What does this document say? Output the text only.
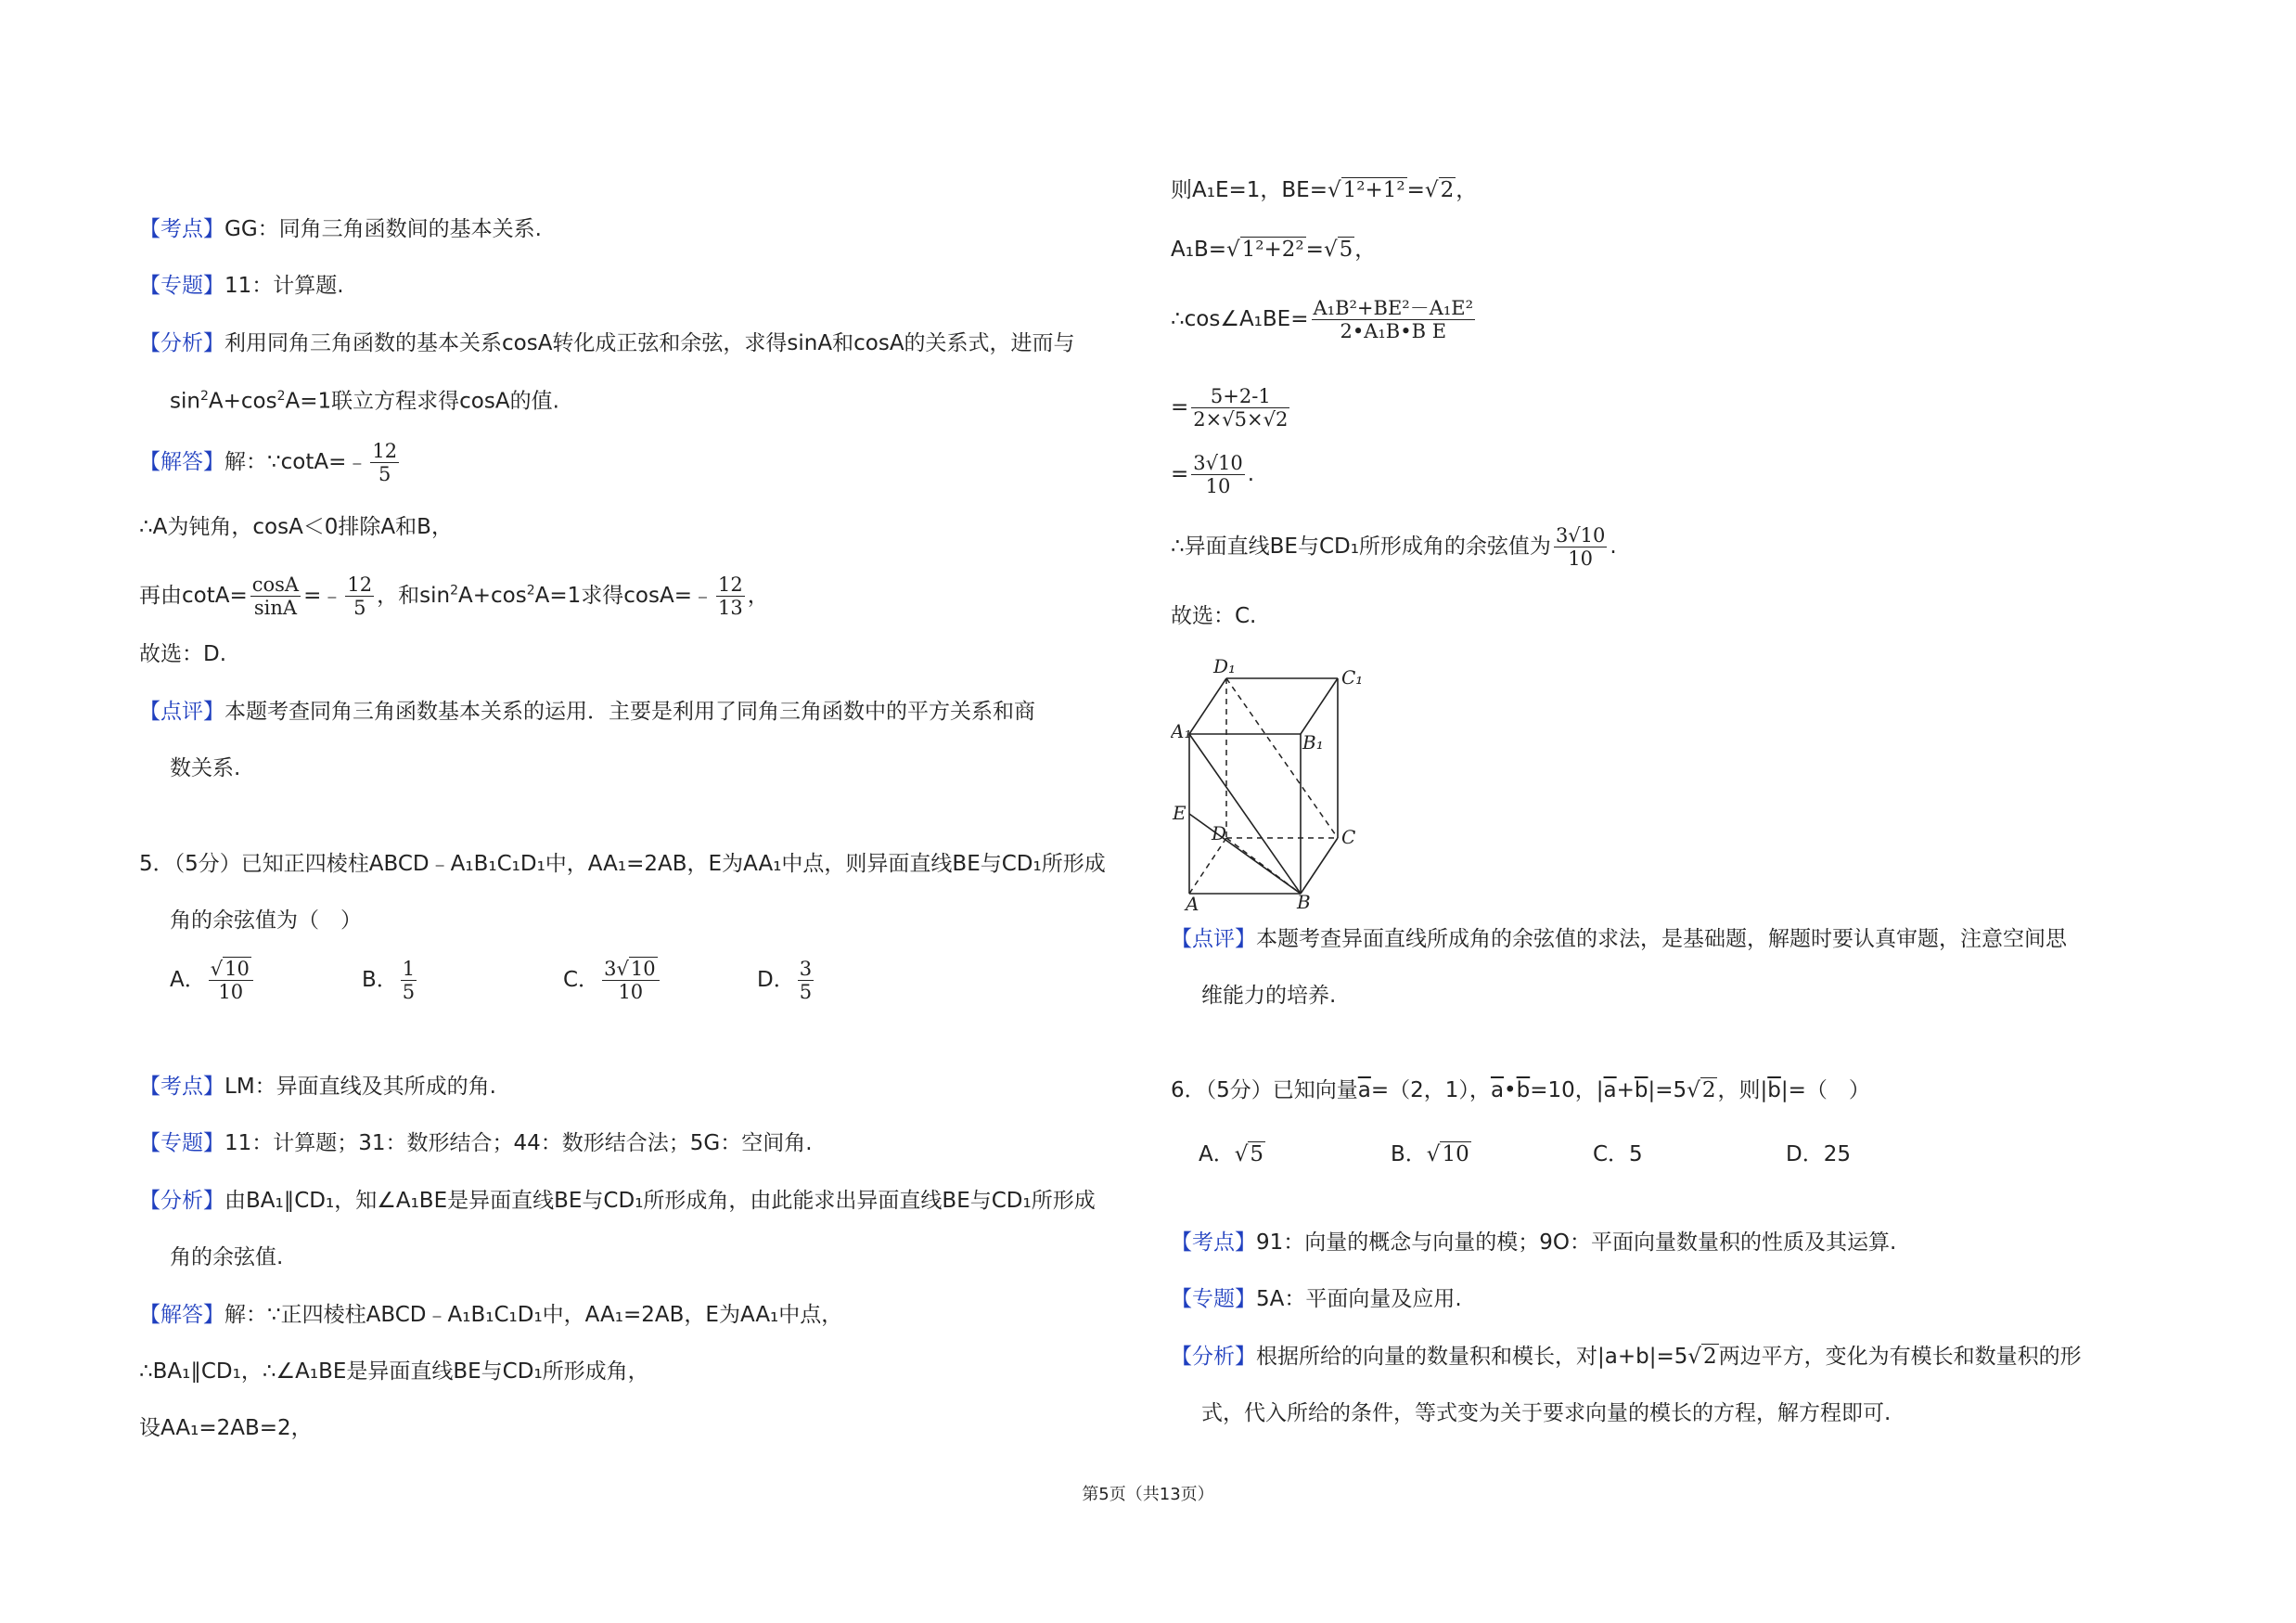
【考点】GG：同角三角函数间的基本关系.
【专题】11：计算题.
【分析】利用同角三角函数的基本关系cosA转化成正弦和余弦，求得sinA和cosA的关系式，进而与
$\sin^2A+\cos^2A=1$联立方程求得cosA的值.
【解答】解：∵cotA=﹣ $\frac{12}{5}$
∴A为钝角，cosA＜0排除A和B，
再由$\cot A= \frac{\cos A}{\sin A}$ =﹣ $\frac{12}{5}$ ，和$\sin^2A+\cos^2A=1$求得cosA=﹣ $\frac{12}{13}$ ，
故选：D.
【点评】本题考查同角三角函数基本关系的运用．主要是利用了同角三角函数中的平方关系和商
数关系.
5．（5分）已知正四棱柱ABCD﹣A₁B₁C₁D₁中，AA₁=2AB，E为AA₁中点，则异面直线BE与CD₁所形成
角的余弦值为（　）
A． $\frac{√10}{10}$	B． $\frac{1}{5}$	C． $\frac{3√10}{10}$	D． $\frac{3}{5}$
【考点】LM：异面直线及其所成的角.
【专题】11：计算题；31：数形结合；44：数形结合法；5G：空间角.
【分析】由BA₁∥CD₁，知∠A₁BE是异面直线BE与CD₁所形成角，由此能求出异面直线BE与CD₁所形成
角的余弦值.
【解答】解：∵正四棱柱ABCD﹣A₁B₁C₁D₁中，AA₁=2AB，E为AA₁中点，
∴BA₁∥CD₁，∴∠A₁BE是异面直线BE与CD₁所形成角，
设AA₁=2AB=2，
则A₁E=1，BE=√1²+1²=√2，
A₁B=√1²+2²=√5，
∴cos∠A₁BE= $\frac{\text{A₁B²+BE²－A₁E²}}{\text{2•A₁B•B E}}$
= $\frac{5+2-1}{2\times√5\times√2}$
= $\frac{3√10}{10}$ .
∴异面直线BE与CD₁所形成角的余弦值为 $\frac{3√10}{10}$ .
故选：C.
【点评】本题考查异面直线所成角的余弦值的求法，是基础题，解题时要认真审题，注意空间思
维能力的培养.
6．（5分）已知向量$\overline{a}=(2$，1），$\overline{a}•\overline{b}=10$，$|\overline{a}+\overline{b}|=5√2$，则$|\overline{b}|=$（　）
A．√5	B．√10	C．5	D．25
【考点】91：向量的概念与向量的模；9O：平面向量数量积的性质及其运算.
【专题】5A：平面向量及应用.
【分析】根据所给的向量的数量积和模长，对|a+b|=5√2两边平方，变化为有模长和数量积的形
式，代入所给的条件，等式变为关于要求向量的模长的方程，解方程即可.
D₁	C₁
A₁	B₁
E
D	C
A	B
第5页（共13页）
